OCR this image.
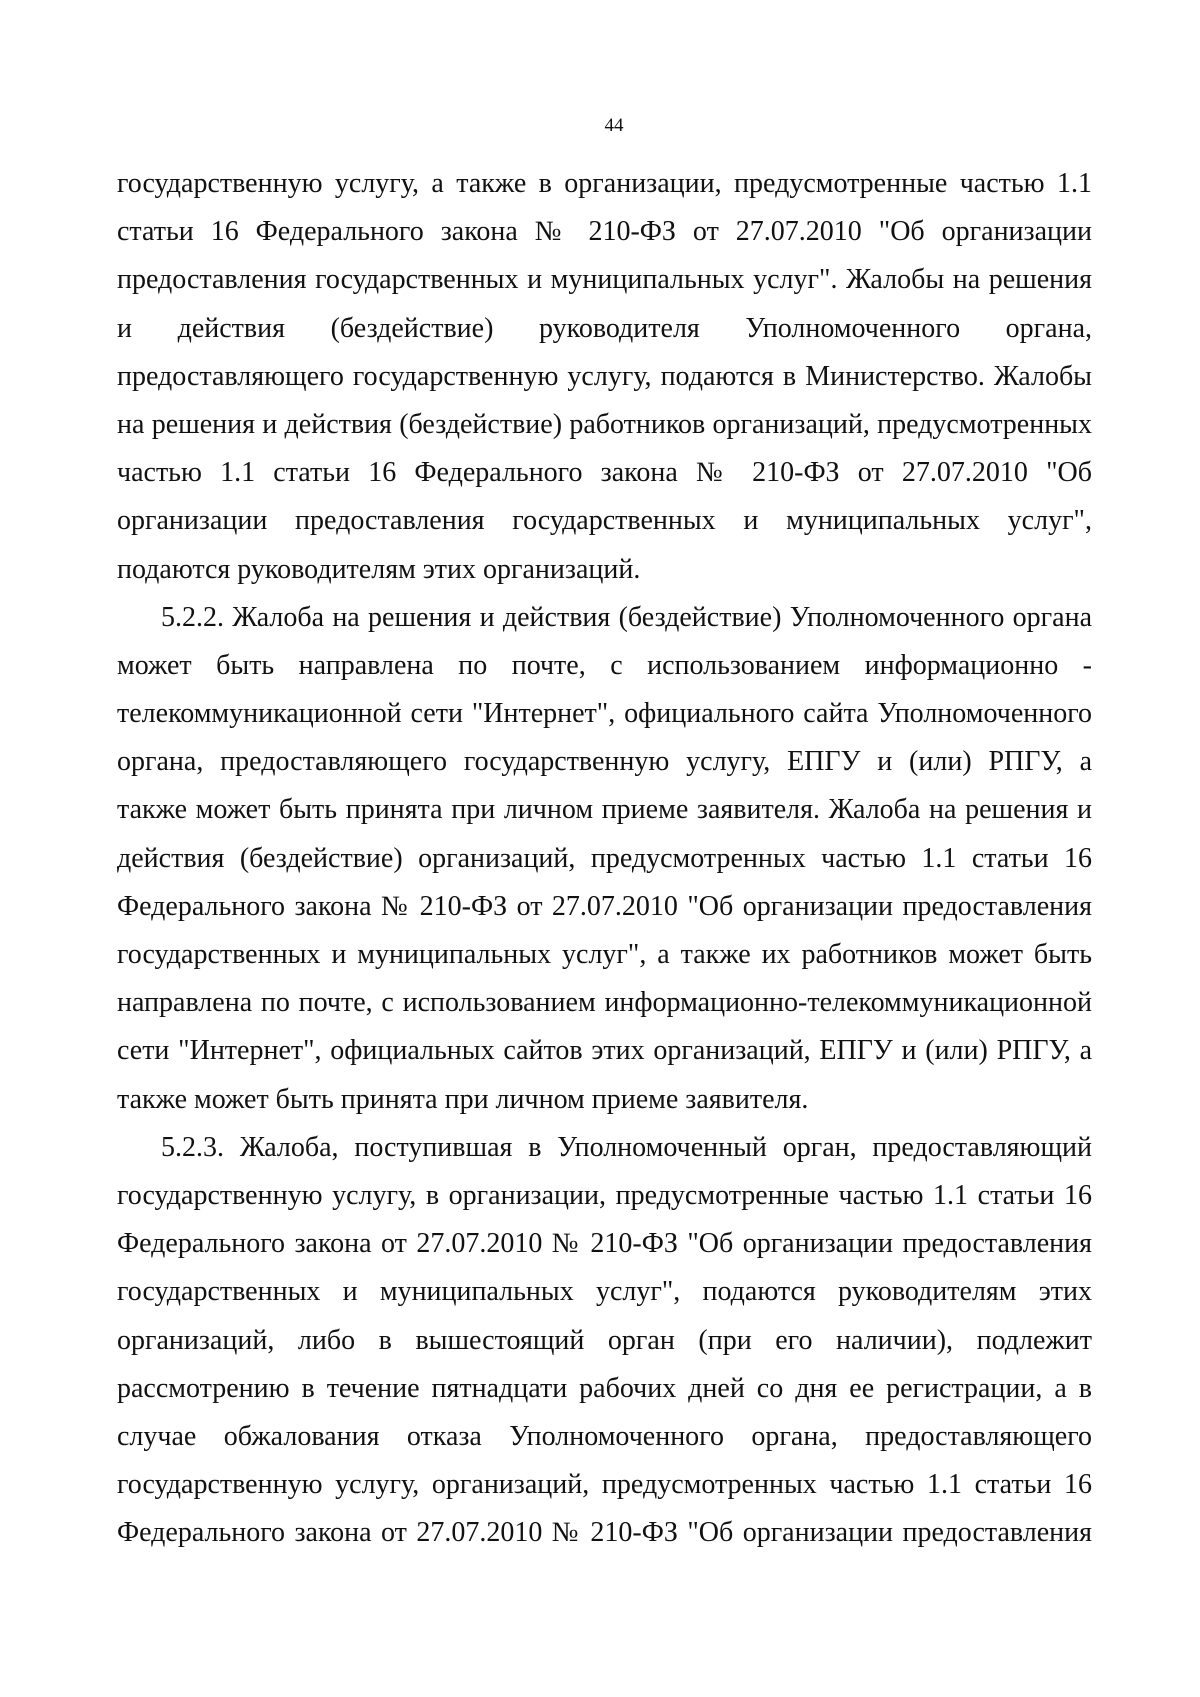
44
государственную услугу, а также в организации, предусмотренные частью 1.1
статьи 16 Федерального закона № 210-ФЗ от 27.07.2010 "Об организации
предоставления государственных и муниципальных услуг". Жалобы на решения
и действия (бездействие) руководителя Уполномоченного органа,
предоставляющего государственную услугу, подаются в Министерство. Жалобы
на решения и действия (бездействие) работников организаций, предусмотренных
частью 1.1 статьи 16 Федерального закона № 210-ФЗ от 27.07.2010 "Об
организации предоставления государственных и муниципальных услуг",
подаются руководителям этих организаций.
5.2.2. Жалоба на решения и действия (бездействие) Уполномоченного органа
может быть направлена по почте, с использованием информационно -
телекоммуникационной сети "Интернет", официального сайта Уполномоченного
органа, предоставляющего государственную услугу, ЕПГУ и (или) РПГУ, а
также может быть принята при личном приеме заявителя. Жалоба на решения и
действия (бездействие) организаций, предусмотренных частью 1.1 статьи 16
Федерального закона № 210-ФЗ от 27.07.2010 "Об организации предоставления
государственных и муниципальных услуг", а также их работников может быть
направлена по почте, с использованием информационно-телекоммуникационной
сети "Интернет", официальных сайтов этих организаций, ЕПГУ и (или) РПГУ, а
также может быть принята при личном приеме заявителя.
5.2.3. Жалоба, поступившая в Уполномоченный орган, предоставляющий
государственную услугу, в организации, предусмотренные частью 1.1 статьи 16
Федерального закона от 27.07.2010 № 210-ФЗ "Об организации предоставления
государственных и муниципальных услуг", подаются руководителям этих
организаций, либо в вышестоящий орган (при его наличии), подлежит
рассмотрению в течение пятнадцати рабочих дней со дня ее регистрации, а в
случае обжалования отказа Уполномоченного органа, предоставляющего
государственную услугу, организаций, предусмотренных частью 1.1 статьи 16
Федерального закона от 27.07.2010 № 210-ФЗ "Об организации предоставления
